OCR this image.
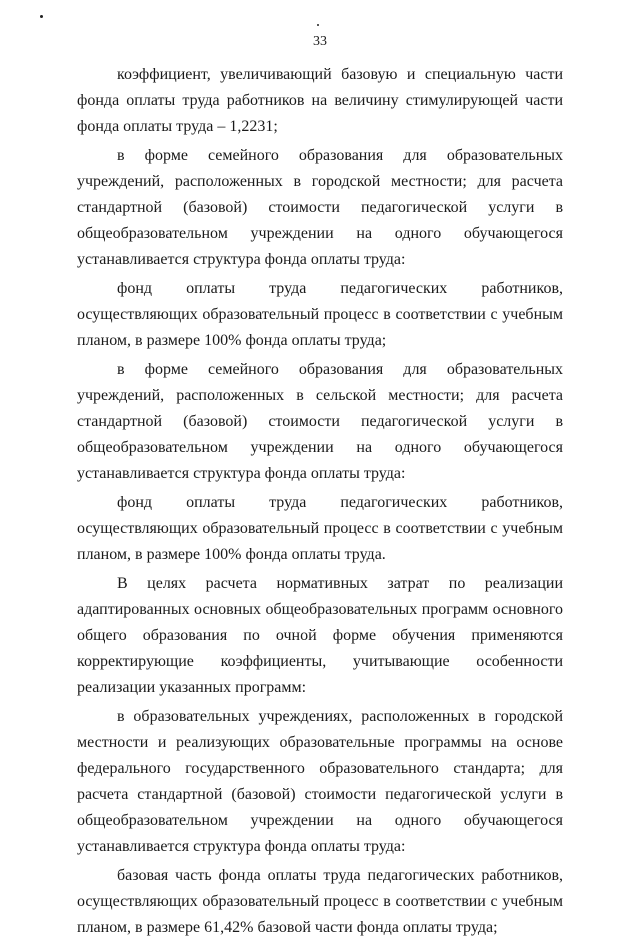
33

коэффициент, увеличивающий базовую и специальную части фонда оплаты труда работников на величину стимулирующей части фонда оплаты труда – 1,2231;

в форме семейного образования для образовательных учреждений, расположенных в городской местности; для расчета стандартной (базовой) стоимости педагогической услуги в общеобразовательном учреждении на одного обучающегося устанавливается структура фонда оплаты труда:

фонд оплаты труда педагогических работников, осуществляющих образовательный процесс в соответствии с учебным планом, в размере 100% фонда оплаты труда;

в форме семейного образования для образовательных учреждений, расположенных в сельской местности; для расчета стандартной (базовой) стоимости педагогической услуги в общеобразовательном учреждении на одного обучающегося устанавливается структура фонда оплаты труда:

фонд оплаты труда педагогических работников, осуществляющих образовательный процесс в соответствии с учебным планом, в размере 100% фонда оплаты труда.

В целях расчета нормативных затрат по реализации адаптированных основных общеобразовательных программ основного общего образования по очной форме обучения применяются корректирующие коэффициенты, учитывающие особенности реализации указанных программ:

в образовательных учреждениях, расположенных в городской местности и реализующих образовательные программы на основе федерального государственного образовательного стандарта; для расчета стандартной (базовой) стоимости педагогической услуги в общеобразовательном учреждении на одного обучающегося устанавливается структура фонда оплаты труда:

базовая часть фонда оплаты труда педагогических работников, осуществляющих образовательный процесс в соответствии с учебным планом, в размере 61,42% базовой части фонда оплаты труда;
